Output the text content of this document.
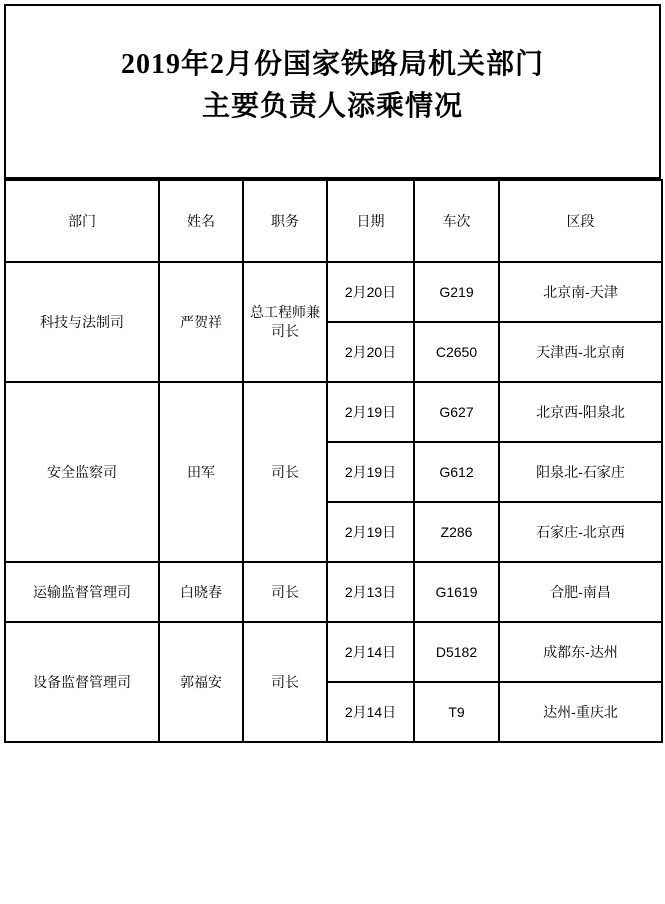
2019年2月份国家铁路局机关部门
主要负责人添乘情况
部门	姓名	职务	日期	车次	区段
科技与法制司	严贺祥	总工程师兼司长	2月20日	G219	北京南-天津
			2月20日	C2650	天津西-北京南
安全监察司	田军	司长	2月19日	G627	北京西-阳泉北
			2月19日	G612	阳泉北-石家庄
			2月19日	Z286	石家庄-北京西
运输监督管理司	白晓春	司长	2月13日	G1619	合肥-南昌
设备监督管理司	郭福安	司长	2月14日	D5182	成都东-达州
			2月14日	T9	达州-重庆北
